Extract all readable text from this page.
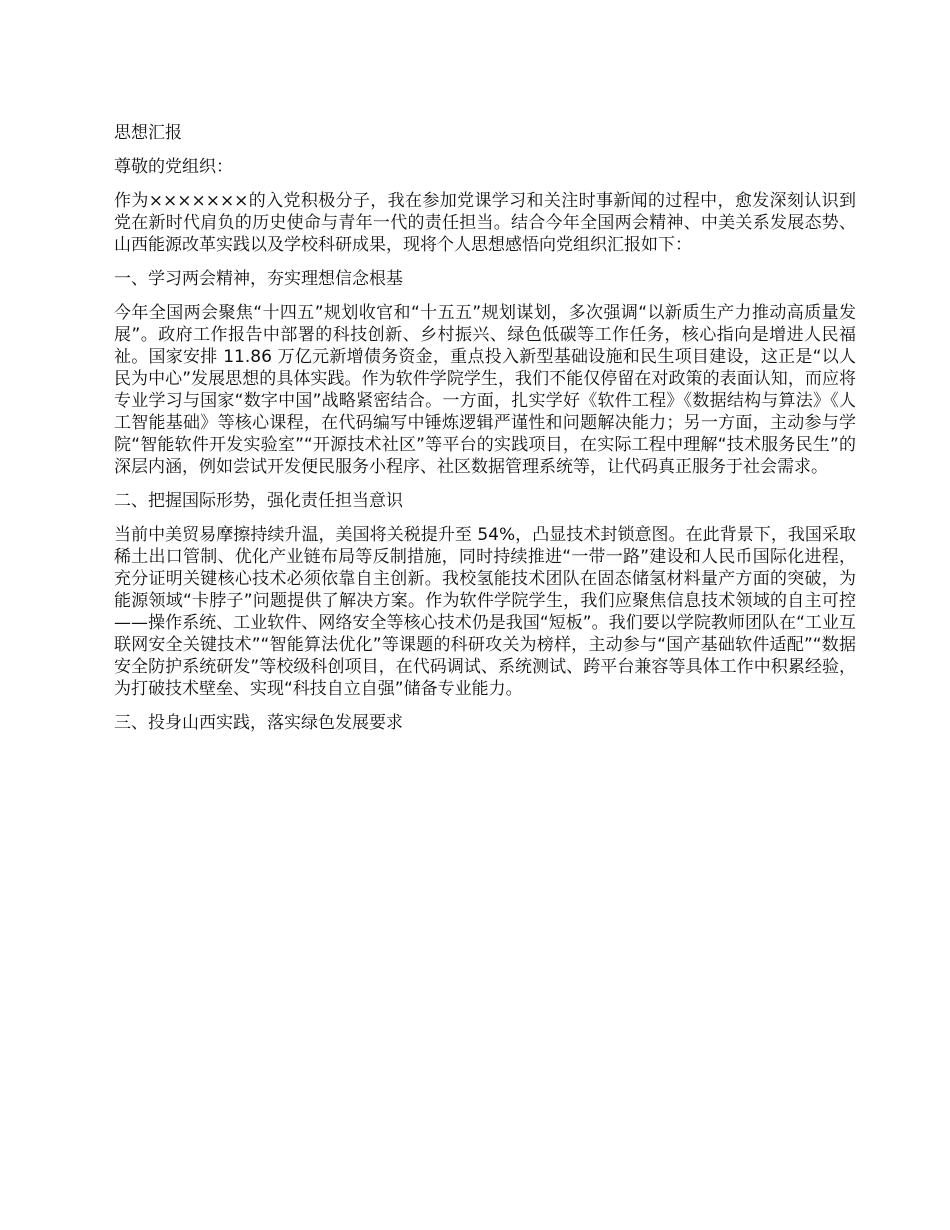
思想汇报

尊敬的党组织：

作为×××××××的入党积极分子，我在参加党课学习和关注时事新闻的过程中，愈发深刻认识到党在新时代肩负的历史使命与青年一代的责任担当。结合今年全国两会精神、中美关系发展态势、山西能源改革实践以及学校科研成果，现将个人思想感悟向党组织汇报如下：

一、学习两会精神，夯实理想信念根基

今年全国两会聚焦“十四五”规划收官和“十五五”规划谋划，多次强调“以新质生产力推动高质量发展”。政府工作报告中部署的科技创新、乡村振兴、绿色低碳等工作任务，核心指向是增进人民福祉。国家安排 11.86 万亿元新增债务资金，重点投入新型基础设施和民生项目建设，这正是“以人民为中心”发展思想的具体实践。作为软件学院学生，我们不能仅停留在对政策的表面认知，而应将专业学习与国家“数字中国”战略紧密结合。一方面，扎实学好《软件工程》《数据结构与算法》《人工智能基础》等核心课程，在代码编写中锤炼逻辑严谨性和问题解决能力；另一方面，主动参与学院“智能软件开发实验室”“开源技术社区”等平台的实践项目，在实际工程中理解“技术服务民生”的深层内涵，例如尝试开发便民服务小程序、社区数据管理系统等，让代码真正服务于社会需求。

二、把握国际形势，强化责任担当意识

当前中美贸易摩擦持续升温，美国将关税提升至 54%，凸显技术封锁意图。在此背景下，我国采取稀土出口管制、优化产业链布局等反制措施，同时持续推进“一带一路”建设和人民币国际化进程，充分证明关键核心技术必须依靠自主创新。我校氢能技术团队在固态储氢材料量产方面的突破，为能源领域“卡脖子”问题提供了解决方案。作为软件学院学生，我们应聚焦信息技术领域的自主可控——操作系统、工业软件、网络安全等核心技术仍是我国“短板”。我们要以学院教师团队在“工业互联网安全关键技术”“智能算法优化”等课题的科研攻关为榜样，主动参与“国产基础软件适配”“数据安全防护系统研发”等校级科创项目，在代码调试、系统测试、跨平台兼容等具体工作中积累经验，为打破技术壁垒、实现“科技自立自强”储备专业能力。

三、投身山西实践，落实绿色发展要求
